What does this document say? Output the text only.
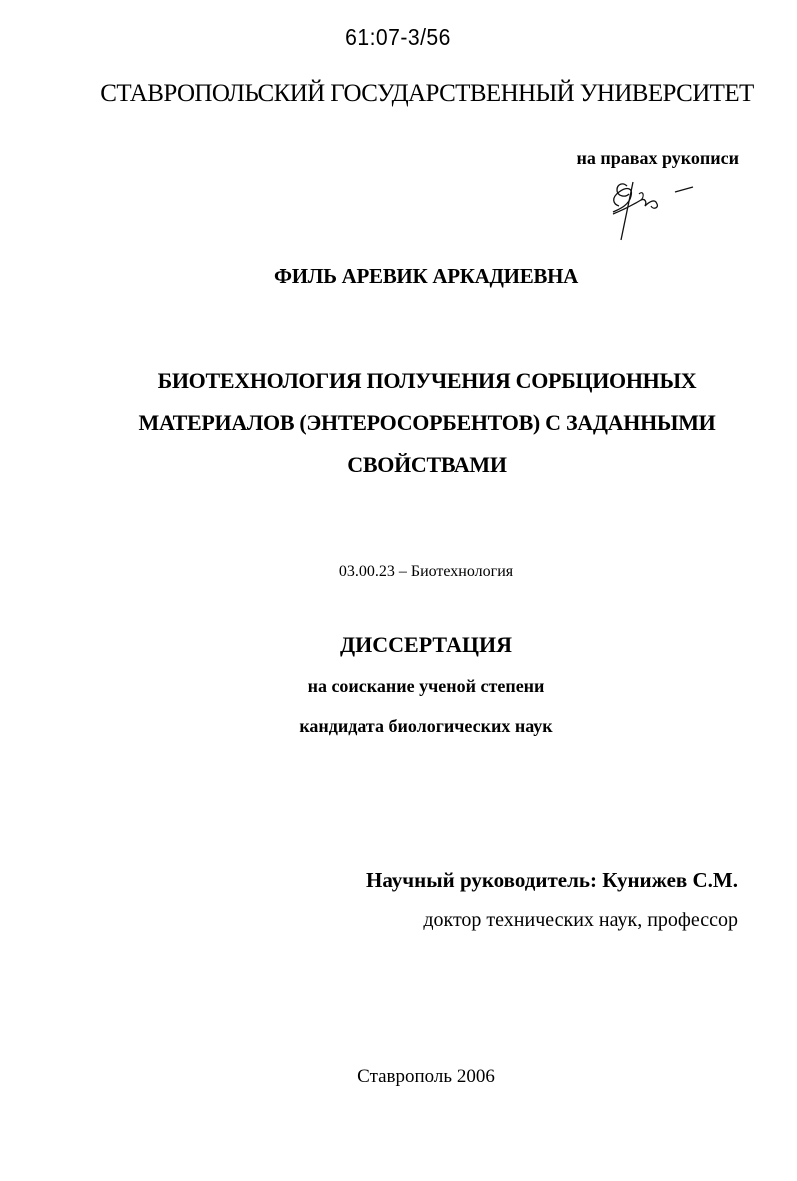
61:07-3/56
СТАВРОПОЛЬСКИЙ ГОСУДАРСТВЕННЫЙ УНИВЕРСИТЕТ
на правах рукописи
ФИЛЬ АРЕВИК АРКАДИЕВНА
БИОТЕХНОЛОГИЯ ПОЛУЧЕНИЯ СОРБЦИОННЫХ
МАТЕРИАЛОВ (ЭНТЕРОСОРБЕНТОВ) С ЗАДАННЫМИ
СВОЙСТВАМИ
03.00.23 – Биотехнология
ДИССЕРТАЦИЯ
на соискание ученой степени
кандидата биологических наук
Научный руководитель: Кунижев С.М.
доктор технических наук, профессор
Ставрополь 2006
